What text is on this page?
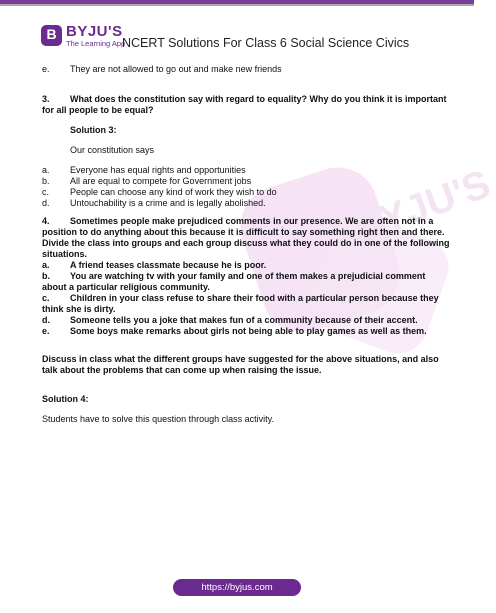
B BYJU'S
The Learning App
NCERT Solutions For Class 6 Social Science Civics
BYJU'S
e. They are not allowed to go out and make new friends
3. What does the constitution say with regard to equality? Why do you think it is important
for all people to be equal?
Solution 3:
Our constitution says
a. Everyone has equal rights and opportunities
b. All are equal to compete for Government jobs
c. People can choose any kind of work they wish to do
d. Untouchability is a crime and is legally abolished.
4. Sometimes people make prejudiced comments in our presence. We are often not in a
position to do anything about this because it is difficult to say something right then and there.
Divide the class into groups and each group discuss what they could do in one of the following
situations.
a. A friend teases classmate because he is poor.
b. You are watching tv with your family and one of them makes a prejudicial comment
about a particular religious community.
c. Children in your class refuse to share their food with a particular person because they
think she is dirty.
d. Someone tells you a joke that makes fun of a community because of their accent.
e. Some boys make remarks about girls not being able to play games as well as them.
Discuss in class what the different groups have suggested for the above situations, and also
talk about the problems that can come up when raising the issue.
Solution 4:
Students have to solve this question through class activity.
https://byjus.com
